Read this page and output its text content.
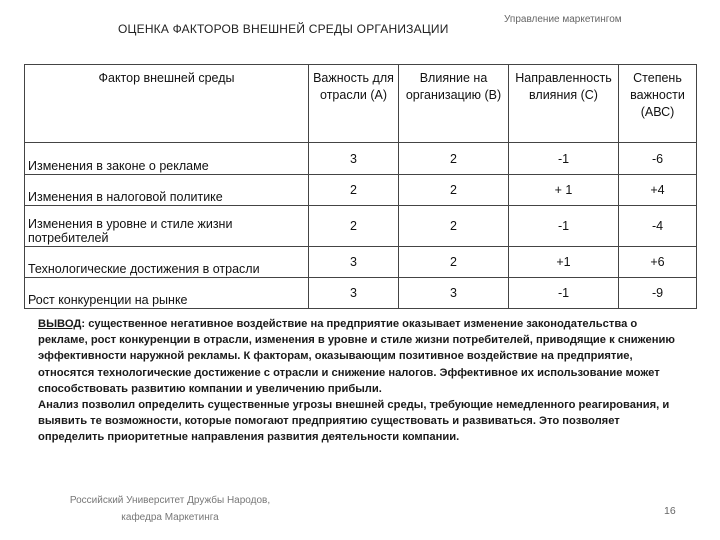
ОЦЕНКА ФАКТОРОВ ВНЕШНЕЙ СРЕДЫ ОРГАНИЗАЦИИ
Управление маркетингом
Фактор внешней среды	Важность для отрасли (А)	Влияние на организацию (В)	Направленность влияния (С)	Степень важности (АВС)
Изменения в законе о рекламе	3	2	-1	-6
Изменения в налоговой политике	2	2	+ 1	+4
Изменения в уровне и стиле жизни потребителей	2	2	-1	-4
Технологические достижения в отрасли	3	2	+1	+6
Рост конкуренции на рынке	3	3	-1	-9

ВЫВОД: существенное негативное воздействие на предприятие оказывает изменение законодательства о рекламе, рост конкуренции в отрасли, изменения в уровне и стиле жизни потребителей, приводящие к снижению эффективности наружной рекламы. К факторам, оказывающим позитивное воздействие на предприятие, относятся технологические достижение с отрасли и снижение налогов. Эффективное их использование может способствовать развитию компании и увеличению прибыли.

Анализ позволил определить существенные угрозы внешней среды, требующие немедленного реагирования, и выявить те возможности, которые помогают предприятию существовать и развиваться. Это позволяет определить приоритетные направления развития деятельности компании.

Российский Университет Дружбы Народов, кафедра Маркетинга
16
